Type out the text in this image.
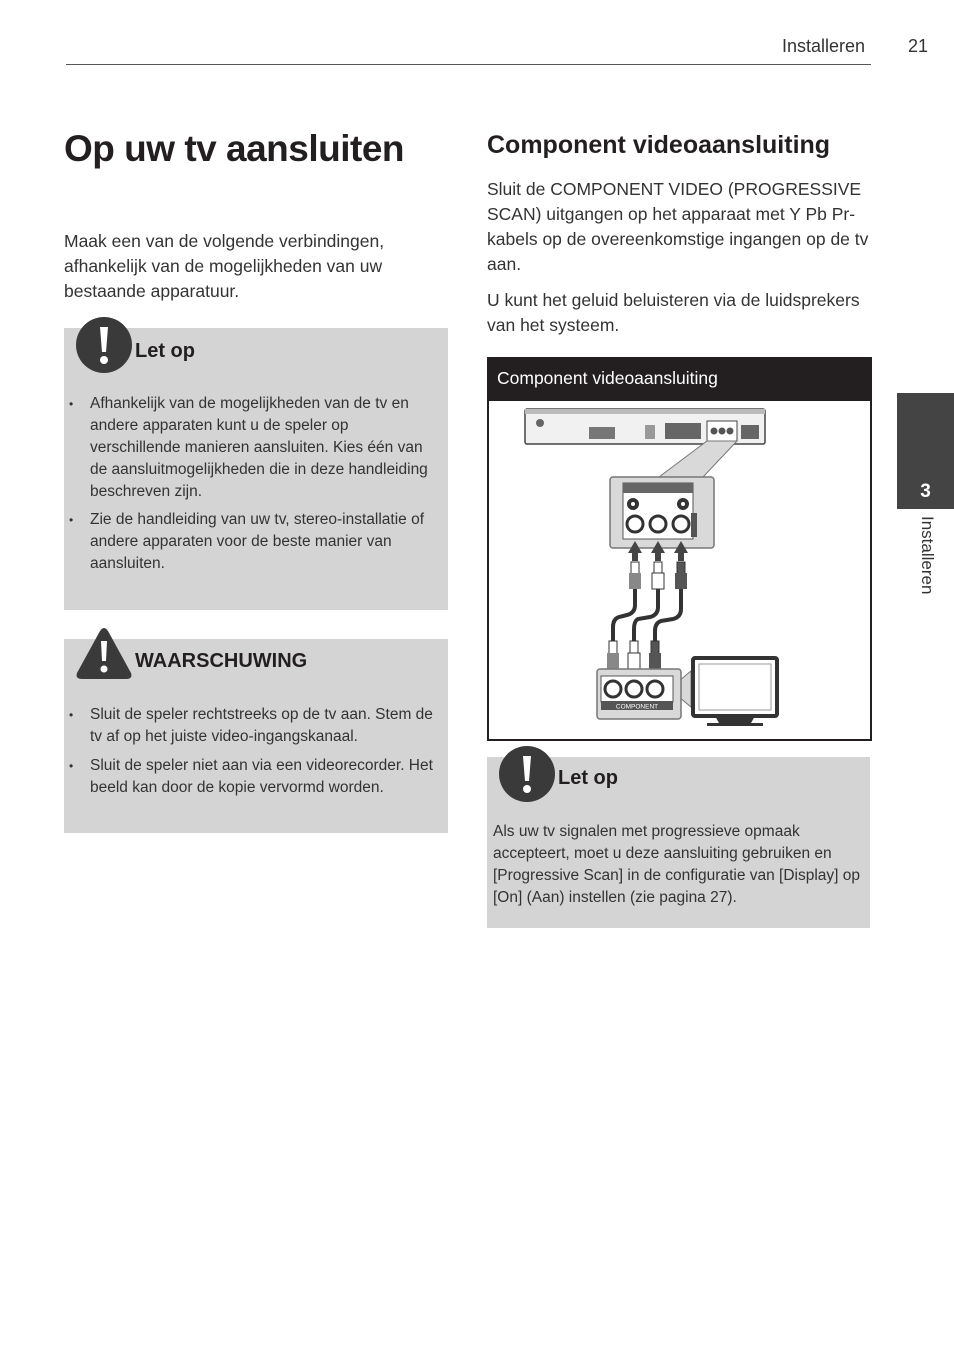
Installeren 21
Op uw tv aansluiten

Maak een van de volgende verbindingen, afhankelijk van de mogelijkheden van uw bestaande apparatuur.

Let op
• Afhankelijk van de mogelijkheden van de tv en andere apparaten kunt u de speler op verschillende manieren aansluiten. Kies één van de aansluitmogelijkheden die in deze handleiding beschreven zijn.
• Zie de handleiding van uw tv, stereo-installatie of andere apparaten voor de beste manier van aansluiten.
WAARSCHUWING
• Sluit de speler rechtstreeks op de tv aan. Stem de tv af op het juiste video-ingangskanaal.
• Sluit de speler niet aan via een videorecorder. Het beeld kan door de kopie vervormd worden.
Component videoaansluiting

Sluit de COMPONENT VIDEO (PROGRESSIVE SCAN) uitgangen op het apparaat met Y Pb Pr-kabels op de overeenkomstige ingangen op de tv aan.

U kunt het geluid beluisteren via de luidsprekers van het systeem.

Component videoaansluiting
COMPONENT
Let op

Als uw tv signalen met progressieve opmaak accepteert, moet u deze aansluiting gebruiken en [Progressive Scan] in de configuratie van [Display] op [On] (Aan) instellen (zie pagina 27).

3
Installeren
